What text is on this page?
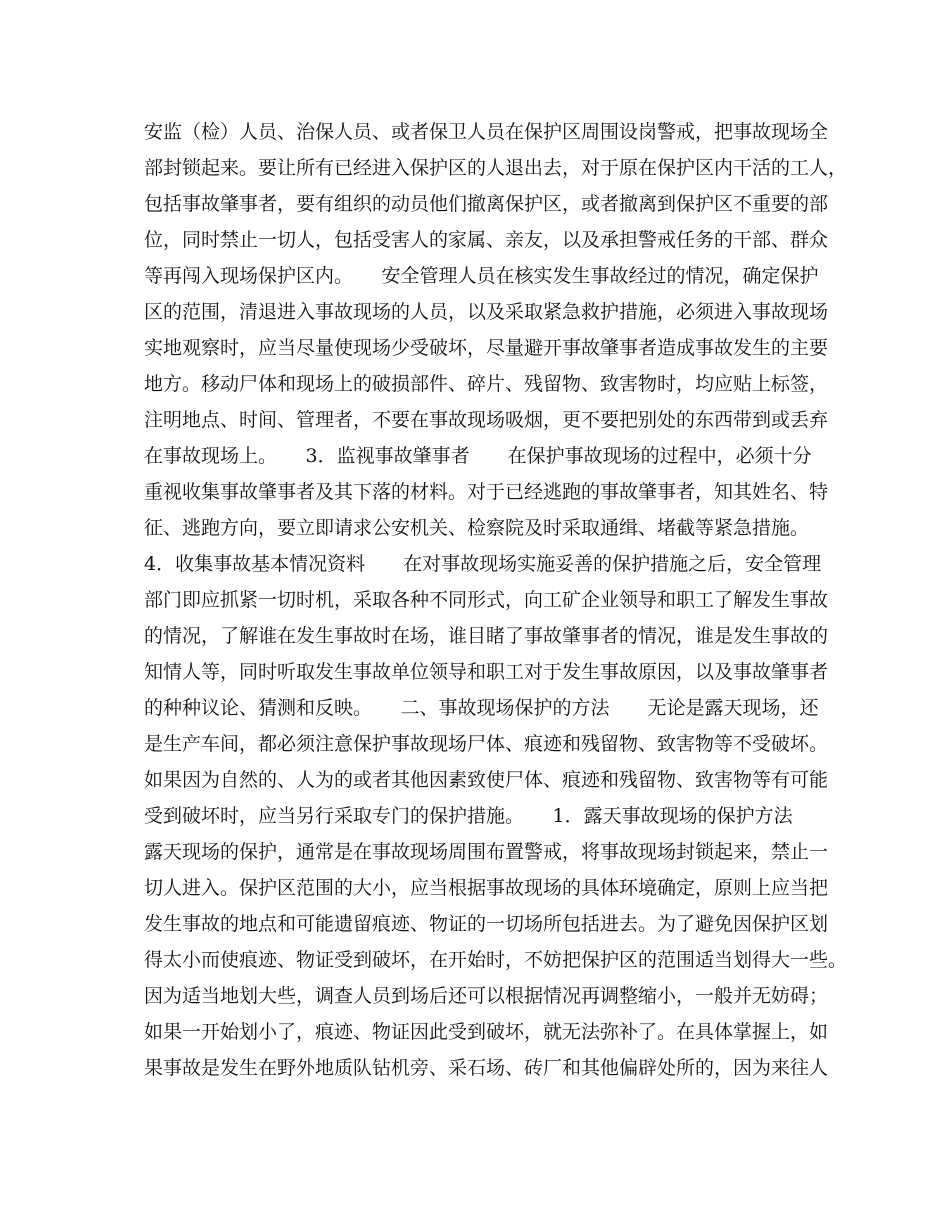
安监（检）人员、治保人员、或者保卫人员在保护区周围设岗警戒，把事故现场全
部封锁起来。要让所有已经进入保护区的人退出去，对于原在保护区内干活的工人，
包括事故肇事者，要有组织的动员他们撤离保护区，或者撤离到保护区不重要的部
位，同时禁止一切人，包括受害人的家属、亲友，以及承担警戒任务的干部、群众
等再闯入现场保护区内。　　安全管理人员在核实发生事故经过的情况，确定保护
区的范围，清退进入事故现场的人员，以及采取紧急救护措施，必须进入事故现场
实地观察时，应当尽量使现场少受破坏，尽量避开事故肇事者造成事故发生的主要
地方。移动尸体和现场上的破损部件、碎片、残留物、致害物时，均应贴上标签，
注明地点、时间、管理者，不要在事故现场吸烟，更不要把别处的东西带到或丢弃
在事故现场上。　　3．监视事故肇事者　　在保护事故现场的过程中，必须十分
重视收集事故肇事者及其下落的材料。对于已经逃跑的事故肇事者，知其姓名、特
征、逃跑方向，要立即请求公安机关、检察院及时采取通缉、堵截等紧急措施。
4．收集事故基本情况资料　　在对事故现场实施妥善的保护措施之后，安全管理
部门即应抓紧一切时机，采取各种不同形式，向工矿企业领导和职工了解发生事故
的情况，了解谁在发生事故时在场，谁目睹了事故肇事者的情况，谁是发生事故的
知情人等，同时听取发生事故单位领导和职工对于发生事故原因，以及事故肇事者
的种种议论、猜测和反映。　　二、事故现场保护的方法　　无论是露天现场，还
是生产车间，都必须注意保护事故现场尸体、痕迹和残留物、致害物等不受破坏。
如果因为自然的、人为的或者其他因素致使尸体、痕迹和残留物、致害物等有可能
受到破坏时，应当另行采取专门的保护措施。　　1．露天事故现场的保护方法　
露天现场的保护，通常是在事故现场周围布置警戒，将事故现场封锁起来，禁止一
切人进入。保护区范围的大小，应当根据事故现场的具体环境确定，原则上应当把
发生事故的地点和可能遗留痕迹、物证的一切场所包括进去。为了避免因保护区划
得太小而使痕迹、物证受到破坏，在开始时，不妨把保护区的范围适当划得大一些。
因为适当地划大些，调查人员到场后还可以根据情况再调整缩小，一般并无妨碍；
如果一开始划小了，痕迹、物证因此受到破坏，就无法弥补了。在具体掌握上，如
果事故是发生在野外地质队钻机旁、采石场、砖厂和其他偏辟处所的，因为来往人
